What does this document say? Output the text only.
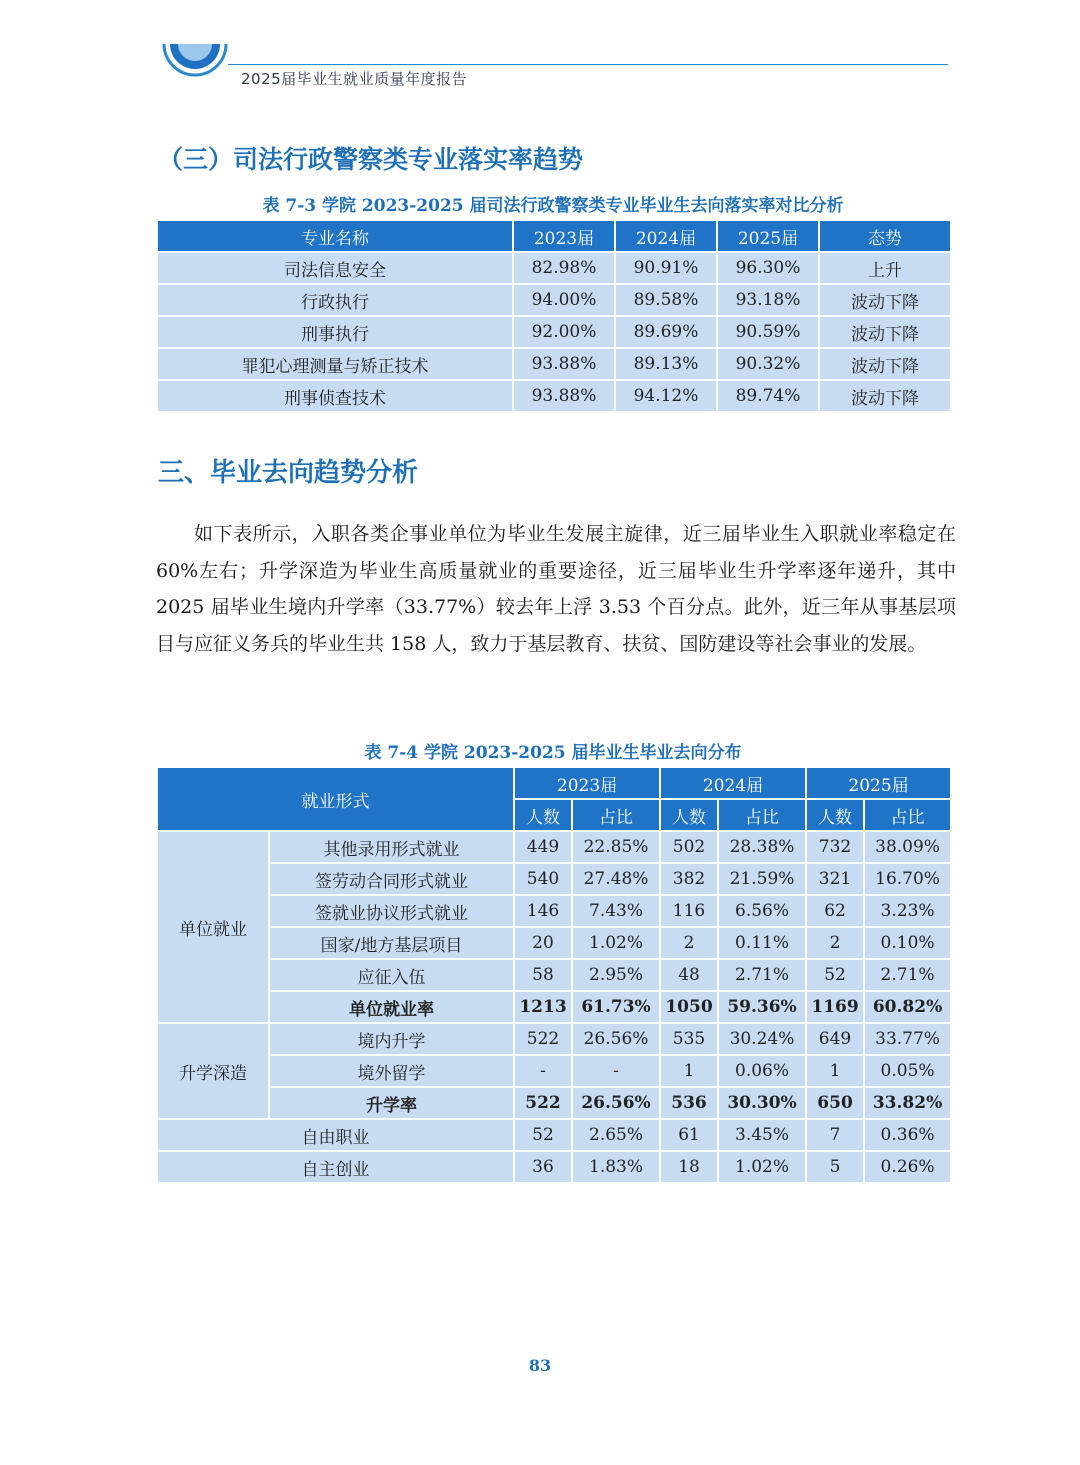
2025届毕业生就业质量年度报告
（三）司法行政警察类专业落实率趋势
表 7-3 学院 2023-2025 届司法行政警察类专业毕业生去向落实率对比分析
专业名称	2023届	2024届	2025届	态势
司法信息安全	82.98%	90.91%	96.30%	上升
行政执行	94.00%	89.58%	93.18%	波动下降
刑事执行	92.00%	89.69%	90.59%	波动下降
罪犯心理测量与矫正技术	93.88%	89.13%	90.32%	波动下降
刑事侦查技术	93.88%	94.12%	89.74%	波动下降
三、毕业去向趋势分析

如下表所示，入职各类企事业单位为毕业生发展主旋律，近三届毕业生入职就业率稳定在 60%左右；升学深造为毕业生高质量就业的重要途径，近三届毕业生升学率逐年递升，其中 2025 届毕业生境内升学率（33.77%）较去年上浮 3.53 个百分点。此外，近三年从事基层项目与应征义务兵的毕业生共 158 人，致力于基层教育、扶贫、国防建设等社会事业的发展。

表 7-4 学院 2023-2025 届毕业生毕业去向分布
就业形式		2023届		2024届		2025届	
		人数	占比	人数	占比	人数	占比
单位就业	其他录用形式就业	449	22.85%	502	28.38%	732	38.09%
	签劳动合同形式就业	540	27.48%	382	21.59%	321	16.70%
	签就业协议形式就业	146	7.43%	116	6.56%	62	3.23%
	国家/地方基层项目	20	1.02%	2	0.11%	2	0.10%
	应征入伍	58	2.95%	48	2.71%	52	2.71%
	单位就业率	1213	61.73%	1050	59.36%	1169	60.82%
升学深造	境内升学	522	26.56%	535	30.24%	649	33.77%
	境外留学	-	-	1	0.06%	1	0.05%
	升学率	522	26.56%	536	30.30%	650	33.82%
自由职业		52	2.65%	61	3.45%	7	0.36%
自主创业		36	1.83%	18	1.02%	5	0.26%
83
